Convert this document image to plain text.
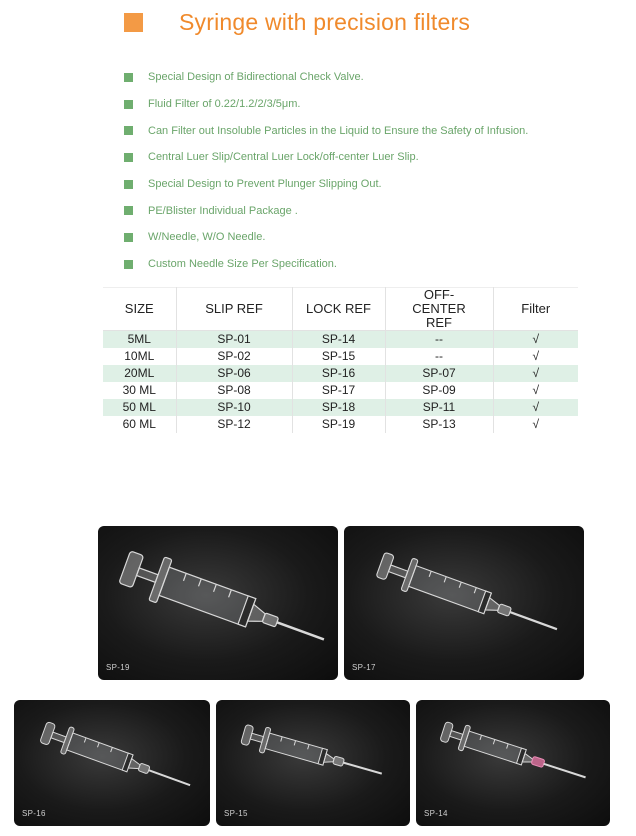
Syringe with precision filters
Special Design of Bidirectional Check Valve.
Fluid Filter of 0.22/1.2/2/3/5μm.
Can Filter out Insoluble Particles in the Liquid to Ensure the Safety of Infusion.
Central Luer Slip/Central Luer Lock/off-center Luer Slip.
Special Design to Prevent Plunger Slipping Out.
PE/Blister Individual Package .
W/Needle, W/O Needle.
Custom Needle Size Per Specification.
SIZE	SLIP REF	LOCK REF	OFF-CENTER REF	Filter
5ML	SP-01	SP-14	--	√
10ML	SP-02	SP-15	--	√
20ML	SP-06	SP-16	SP-07	√
30 ML	SP-08	SP-17	SP-09	√
50 ML	SP-10	SP-18	SP-11	√
60 ML	SP-12	SP-19	SP-13	√
SP-19	SP-17
SP-16	SP-15	SP-14
